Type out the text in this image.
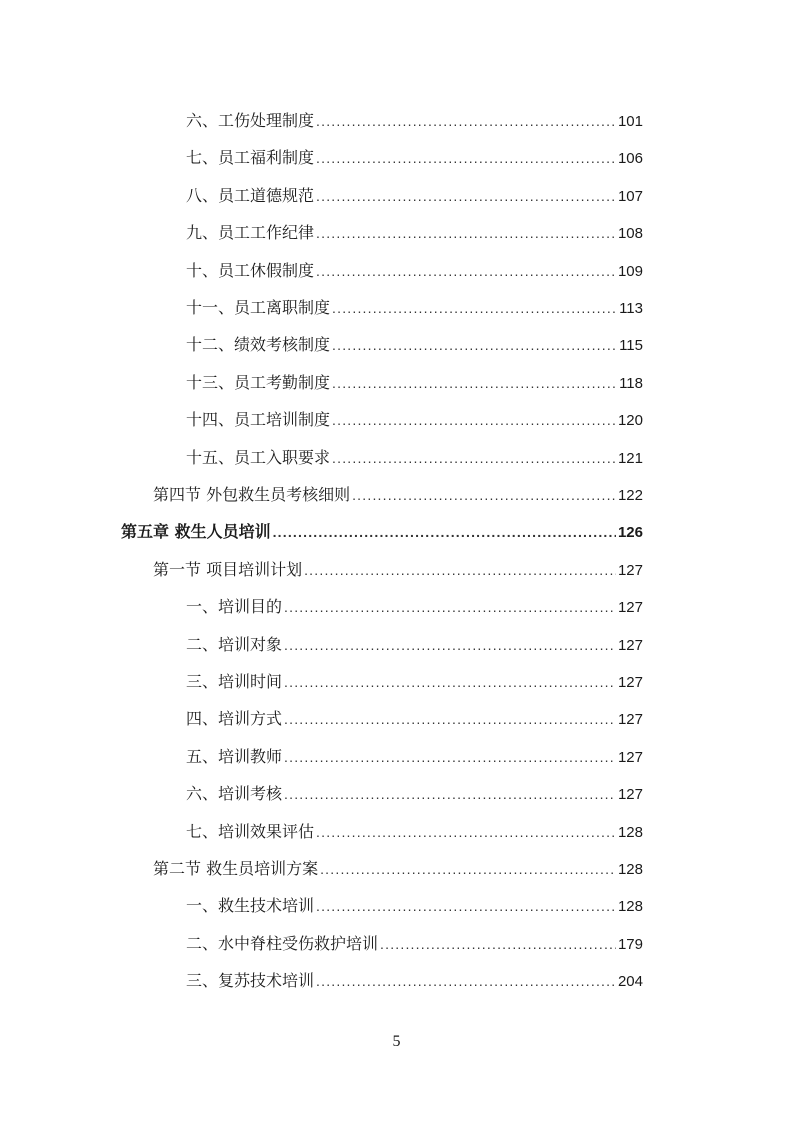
六、工伤处理制度 .....	101
七、员工福利制度 .....	106
八、员工道德规范 .....	107
九、员工工作纪律 .....	108
十、员工休假制度 .....	109
十一、员工离职制度 .....	113
十二、绩效考核制度 .....	115
十三、员工考勤制度 .....	118
十四、员工培训制度 .....	120
十五、员工入职要求 .....	121
第四节 外包救生员考核细则 .....	122
第五章 救生人员培训 .....	126
第一节 项目培训计划 .....	127
一、培训目的 .....	127
二、培训对象 .....	127
三、培训时间 .....	127
四、培训方式 .....	127
五、培训教师 .....	127
六、培训考核 .....	127
七、培训效果评估 .....	128
第二节 救生员培训方案 .....	128
一、救生技术培训 .....	128
二、水中脊柱受伤救护培训 .....	179
三、复苏技术培训 .....	204
5
